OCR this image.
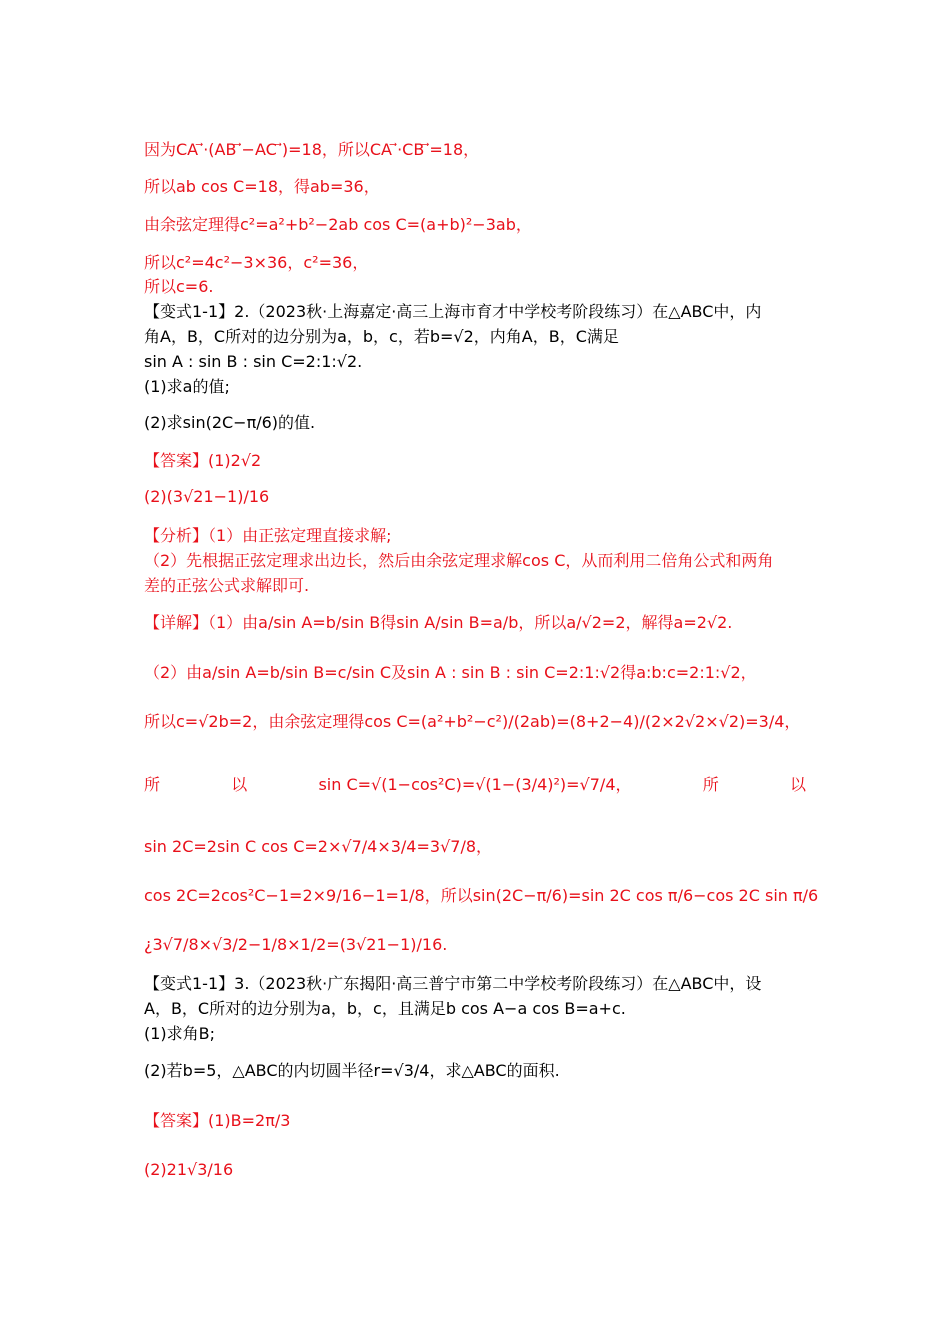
因为CA ⃗·(AB ⃗−AC ⃗)=18，所以CA ⃗·CB ⃗=18，
所以ab cos C=18，得ab=36，
由余弦定理得c²=a²+b²−2ab cos C=(a+b)²−3ab，
所以c²=4c²−3×36，c²=36，
所以c=6.
【变式1-1】2.（2023秋·上海嘉定·高三上海市育才中学校考阶段练习）在△ABC中，内
角A，B，C所对的边分别为a，b，c，若b=√2，内角A，B，C满足
sin A : sin B : sin C=2:1:√2.
(1)求a的值;
(2)求sin(2C−π/6)的值.
【答案】(1)2√2
(2)(3√21−1)/16
【分析】（1）由正弦定理直接求解;
（2）先根据正弦定理求出边长，然后由余弦定理求解cos C，从而利用二倍角公式和两角
差的正弦公式求解即可.
【详解】（1）由a/sin A=b/sin B得sin A/sin B=a/b，所以a/√2=2，解得a=2√2.
（2）由a/sin A=b/sin B=c/sin C及sin A : sin B : sin C=2:1:√2得a:b:c=2:1:√2，
所以c=√2b=2，由余弦定理得cos C=(a²+b²−c²)/(2ab)=(8+2−4)/(2×2√2×√2)=3/4，
所	以	sin C=√(1−cos²C)=√(1−(3/4)²)=√7/4，	所	以
sin 2C=2sin C cos C=2×√7/4×3/4=3√7/8，
cos 2C=2cos²C−1=2×9/16−1=1/8，所以sin(2C−π/6)=sin 2C cos π/6−cos 2C sin π/6
¿3√7/8×√3/2−1/8×1/2=(3√21−1)/16.
【变式1-1】3.（2023秋·广东揭阳·高三普宁市第二中学校考阶段练习）在△ABC中，设
A，B，C所对的边分别为a，b，c，且满足b cos A−a cos B=a+c.
(1)求角B;
(2)若b=5，△ABC的内切圆半径r=√3/4，求△ABC的面积.
【答案】(1)B=2π/3
(2)21√3/16
